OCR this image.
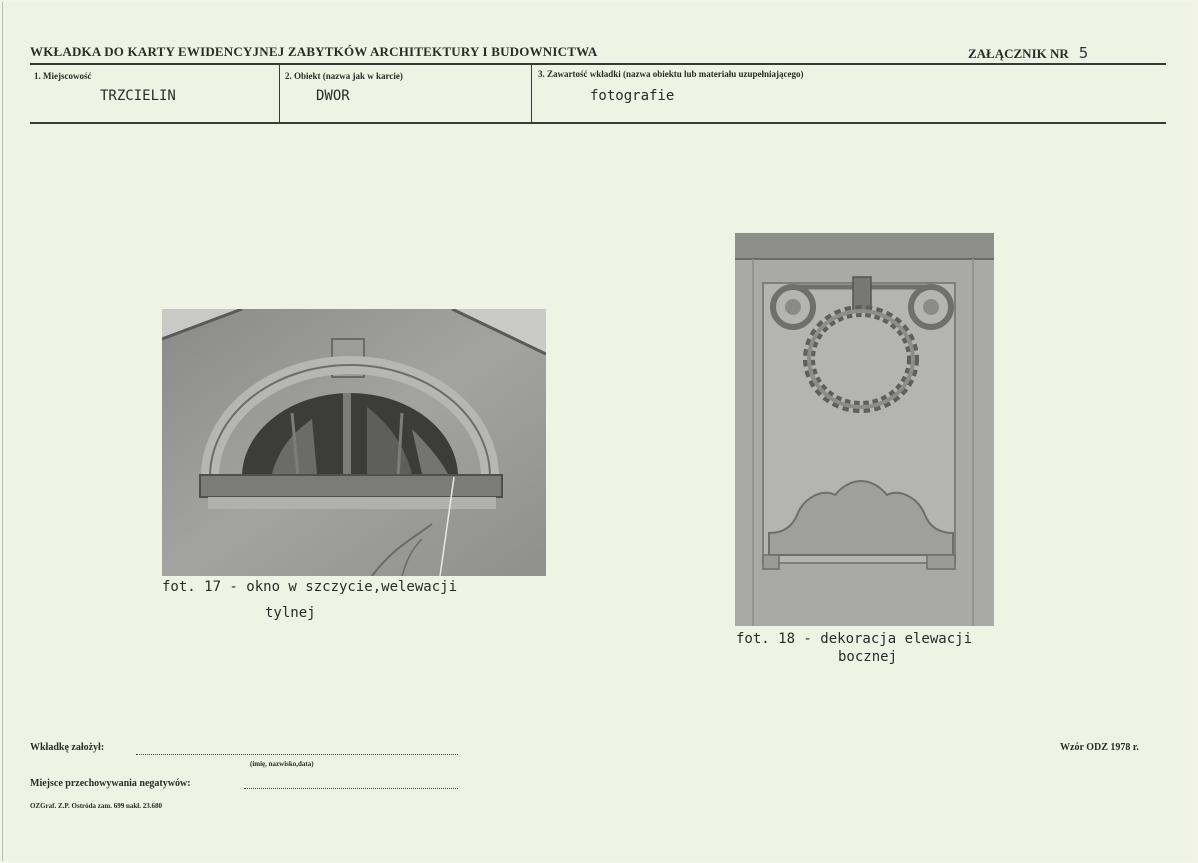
WKŁADKA DO KARTY EWIDENCYJNEJ ZABYTKÓW ARCHITEKTURY I BUDOWNICTWA	ZAŁĄCZNIK NR 5
1. Miejscowość	2. Obiekt (nazwa jak w karcie)	3. Zawartość wkładki (nazwa obiektu lub materiału uzupełniającego)
TRZCIELIN	DWOR	fotografie
fot. 17 - okno w szczycie,welewacji
tylnej
fot. 18 - dekoracja elewacji
bocznej
Wkładkę założył:
(imię, nazwisko,data)
Miejsce przechowywania negatywów:
OZGraf. Z.P. Ostróda zam. 699 nakł. 23.680
Wzór ODZ 1978 r.
